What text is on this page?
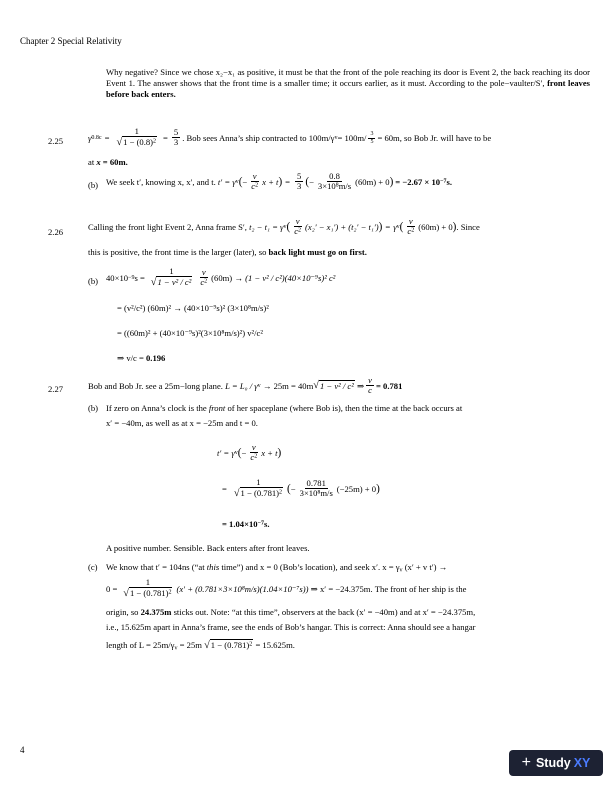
Chapter 2 Special Relativity
Why negative? Since we chose x₂−x₁ as positive, it must be that the front of the pole reaching its door is Event 2, the back reaching its door Event 1. The answer shows that the front time is a smaller time; it occurs earlier, as it must. According to the pole−vaulter/S′, front leaves before back enters.
2.25	γ $0.8c = \frac{1}{√1 - (0.8)^2} = \frac{5}{3}$ . Bob sees Anna’s ship contracted to 100m/γ $v = 100m/ \frac{3}{5} = 60m$, so Bob Jr. will have to be
at x = 60m.
(b) We seek t′, knowing x, x′, and t.
t′ = γ v ( − $\frac{v}{c^2}$ x + t ) = $\frac{5}{3}$ ( − $\frac{0.8}{3\times 10^8m/s} (60m) + 0$ ) = $-2.67 \times 10^{-7}s$.
2.26
Calling the front light Event 2, Anna frame S′,
t₂ − t₁ = γ v ( $\frac{v}{c^2} (x_2' - x_1') + (t_2' - t_1')$ ) = γ v ( $\frac{v}{c^2} (60m) + 0$ ) . Since
this is positive, the front time is the larger (later), so back light must go on first.
(b) 40×10 −9 $s = \frac{1}{\text{√1 − v² / c²}} \frac{v}{c^2} (60m)$ →
(1 − v² / c²)(40×10⁻⁹s)² c²
= (v²/c²) (60m)² → (40×10⁻⁹s)² (3×10⁸m/s)²
= ((60m)² + (40×10⁻⁹s)²(3×10⁸m/s)²) v²/c²
⇒ v/c = 0.196
2.27	Bob and Bob Jr. see a 25m−long plane.
L = L₀ / γ v
→ 25m = 40m √ 1 − v² / c²
⇒ $\frac{v}{c} = 0.781$
(b) If zero on Anna’s clock is the front of her spaceplane (where Bob is), then the time at the back occurs at
x′ = −40m, as well as at x = −25m and t = 0.
t′ = γ v ( − $\frac{v}{c^2}$ x + t )
= $\frac{1}{√1 - (0.781)^2}$ ( − $\frac{0.781}{\text{3×10⁸m/s}} (-25m) + 0$ )
= $1.04\times 10^{-7}s$.
A positive number. Sensible. Back enters after front leaves.
(c) We know that t′ = 104ns (“at this time”) and x = 0 (Bob’s location), and seek x′. $x = \gamma_v$ (x′ + v t′) →
$0 = \frac{1}{√1 - (0.781)^2} (x' + (0.781\times 3\times 10^8m/s)(1.04\times 10^{-7}s))$
⇒ x′ = −24.375m.
The front of her ship is the
origin, so 24.375m sticks out. Note: “at this time”, observers at the back (x′ = −40m) and at x′ = −24.375m,
i.e., 15.625m apart in Anna’s frame, see the ends of Bob’s hangar. This is correct: Anna should see a hangar
length of $L = 25m/\gamma_v = 25m$ $√1 - (0.781)^2 = 15.625m$.
4
+ Study XY
